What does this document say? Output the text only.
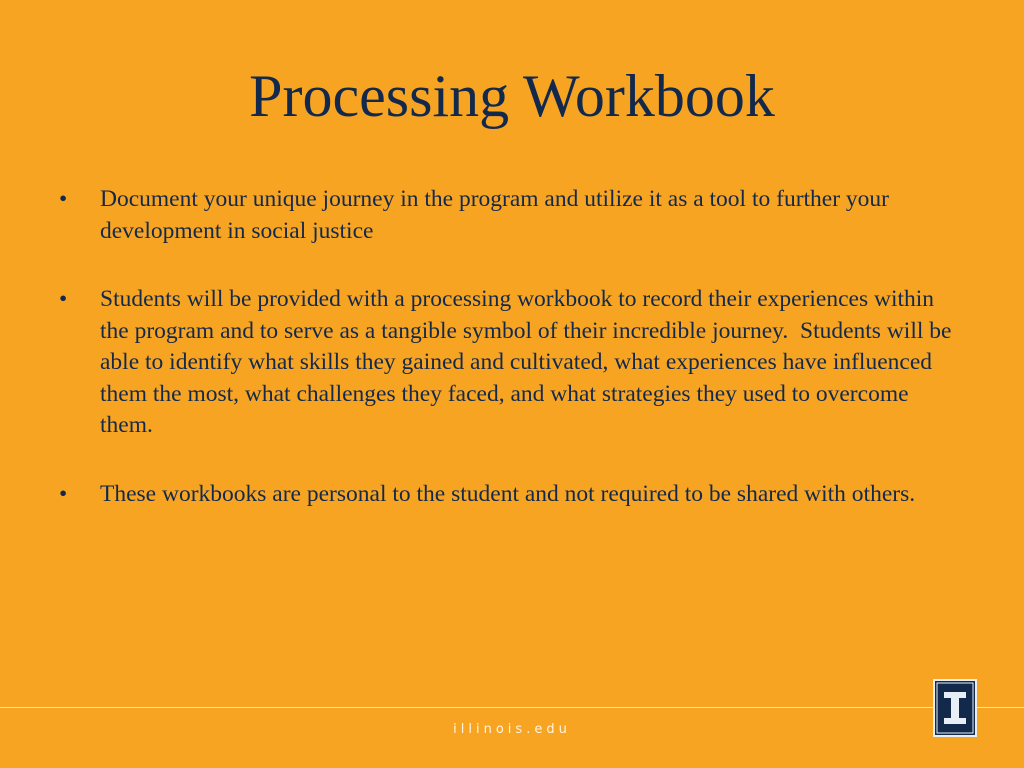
Processing Workbook
•	Document your unique journey in the program and utilize it as a tool to further your development in social justice
•	Students will be provided with a processing workbook to record their experiences within the program and to serve as a tangible symbol of their incredible journey.  Students will be able to identify what skills they gained and cultivated, what experiences have influenced them the most, what challenges they faced, and what strategies they used to overcome them.
•	These workbooks are personal to the student and not required to be shared with others.
illinois.edu
